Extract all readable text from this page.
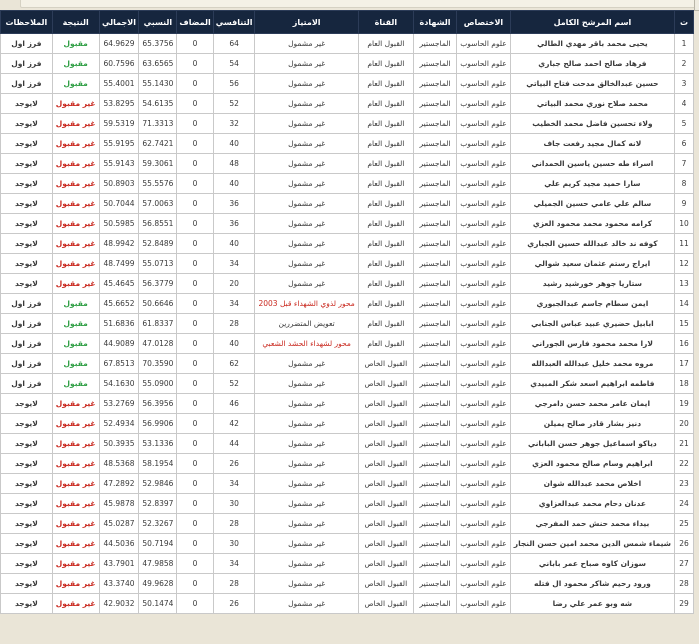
ت	اسم المرشح الكامل	الاختصاص	الشهادة	القناة	الامتياز	التنافسي	المضاف	النسبي	الاجمالي	النتيجة	الملاحظات
1	يحيى محمد باقر مهدي الطالي	علوم الحاسوب	الماجستير	القبول العام	غير مشمول	64	0	65.3756	64.9629	مقبول	فرز اول
2	فرهاد صالح احمد صالح جباري	علوم الحاسوب	الماجستير	القبول العام	غير مشمول	54	0	63.6565	60.7596	مقبول	فرز اول
3	حسين عبدالخالق مدحت فتاح البياتي	علوم الحاسوب	الماجستير	القبول العام	غير مشمول	56	0	55.1430	55.4001	مقبول	فرز اول
4	محمد صلاح نوري محمد البياتي	علوم الحاسوب	الماجستير	القبول العام	غير مشمول	52	0	54.6135	53.8295	غير مقبول	لايوجد
5	ولاء تحسين فاضل محمد الخطيب	علوم الحاسوب	الماجستير	القبول العام	غير مشمول	32	0	71.3313	59.5319	غير مقبول	لايوجد
6	لانه كمال مجيد رفعت جاف	علوم الحاسوب	الماجستير	القبول العام	غير مشمول	40	0	62.7421	55.9195	غير مقبول	لايوجد
7	اسراء طه حسين ياسين الحمداني	علوم الحاسوب	الماجستير	القبول العام	غير مشمول	48	0	59.3061	55.9143	غير مقبول	لايوجد
8	سارا حميد مجيد كريم علي	علوم الحاسوب	الماجستير	القبول العام	غير مشمول	40	0	55.5576	50.8903	غير مقبول	لايوجد
9	سالم علي عامي حسين الجميلي	علوم الحاسوب	الماجستير	القبول العام	غير مشمول	36	0	57.0063	50.7044	غير مقبول	لايوجد
10	كرامه محمود محمد محمود العزي	علوم الحاسوب	الماجستير	القبول العام	غير مشمول	36	0	56.8551	50.5985	غير مقبول	لايوجد
11	كوفه ند خالد عبدالله حسين الجباري	علوم الحاسوب	الماجستير	القبول العام	غير مشمول	40	0	52.8489	48.9942	غير مقبول	لايوجد
12	ايراج رستم عثمان سعيد شوالي	علوم الحاسوب	الماجستير	القبول العام	غير مشمول	34	0	55.0713	48.7499	غير مقبول	لايوجد
13	ستاريا جوهر خورشيد رشيد	علوم الحاسوب	الماجستير	القبول العام	غير مشمول	20	0	56.3779	45.4645	غير مقبول	لايوجد
14	ايمن سطام جاسم عبدالجبوري	علوم الحاسوب	الماجستير	القبول العام	محور لذوي الشهداء قبل 2003	34	0	50.6646	45.6652	مقبول	فرز اول
15	ابابيل حضيري عبيد عباس الجنابي	علوم الحاسوب	الماجستير	القبول العام	تعويض المتضررين	28	0	61.8337	51.6836	مقبول	فرز اول
16	لارا محمد محمود فارس الجوراني	علوم الحاسوب	الماجستير	القبول العام	محور لشهداء الحشد الشعبي	40	0	47.0128	44.9089	مقبول	فرز اول
17	مروه محمد خليل عبدالله العبدالله	علوم الحاسوب	الماجستير	القبول الخاص	غير مشمول	62	0	70.3590	67.8513	مقبول	فرز اول
18	فاطمه ابراهيم اسعد شكر المبيدي	علوم الحاسوب	الماجستير	القبول الخاص	غير مشمول	52	0	55.0900	54.1630	مقبول	فرز اول
19	ايمان عامر محمد حسن دامرجي	علوم الحاسوب	الماجستير	القبول الخاص	غير مشمول	46	0	56.3956	53.2769	غير مقبول	لايوجد
20	دنيز بشار قادر صالح يميلن	علوم الحاسوب	الماجستير	القبول الخاص	غير مشمول	42	0	56.9906	52.4934	غير مقبول	لايوجد
21	دياكو اسماعيل جوهر حسن الباباني	علوم الحاسوب	الماجستير	القبول الخاص	غير مشمول	44	0	53.1336	50.3935	غير مقبول	لايوجد
22	ابراهيم وسام صالح محمود العزي	علوم الحاسوب	الماجستير	القبول الخاص	غير مشمول	26	0	58.1954	48.5368	غير مقبول	لايوجد
23	اخلاص محمد عبدالله شوان	علوم الحاسوب	الماجستير	القبول الخاص	غير مشمول	34	0	52.9846	47.2892	غير مقبول	لايوجد
24	عدنان دحام محمد عبدالعزاوي	علوم الحاسوب	الماجستير	القبول الخاص	غير مشمول	30	0	52.8397	45.9878	غير مقبول	لايوجد
25	بيداء محمد حنش حمد المفرجي	علوم الحاسوب	الماجستير	القبول الخاص	غير مشمول	28	0	52.3267	45.0287	غير مقبول	لايوجد
26	شيماء شمس الدين محمد امين حسن النجار	علوم الحاسوب	الماجستير	القبول الخاص	غير مشمول	30	0	50.7194	44.5036	غير مقبول	لايوجد
27	سوزان كاوه صباح عمر باباني	علوم الحاسوب	الماجستير	القبول الخاص	غير مشمول	34	0	47.9858	43.7901	غير مقبول	لايوجد
28	ورود رحيم شاكر محمود ال فتله	علوم الحاسوب	الماجستير	القبول الخاص	غير مشمول	28	0	49.9628	43.3740	غير مقبول	لايوجد
29	شه وبو عمر علي رضا	علوم الحاسوب	الماجستير	القبول الخاص	غير مشمول	26	0	50.1474	42.9032	غير مقبول	لايوجد
